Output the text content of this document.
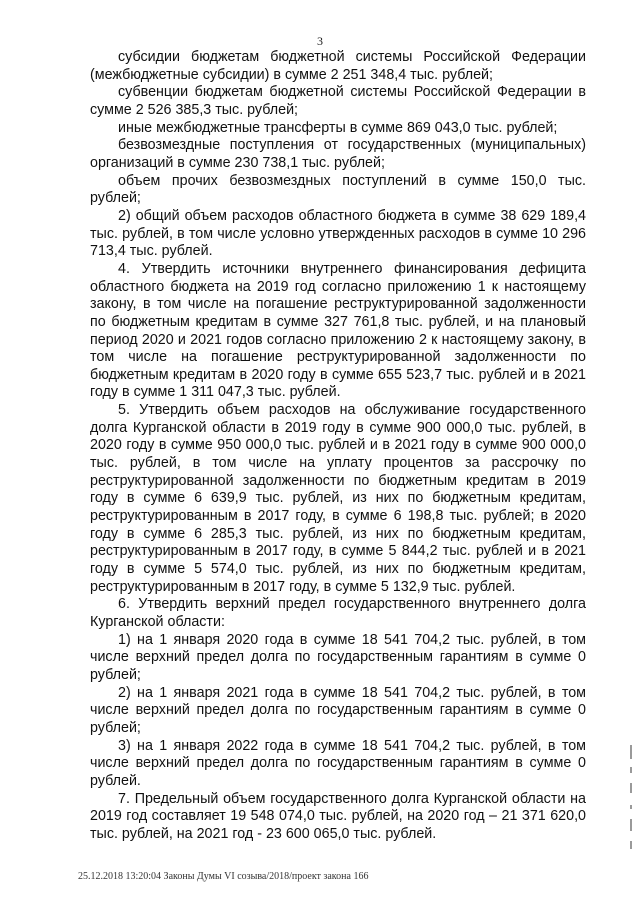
3

субсидии бюджетам бюджетной системы Российской Федерации (межбюджетные субсидии) в сумме 2 251 348,4 тыс. рублей;

субвенции бюджетам бюджетной системы Российской Федерации в сумме 2 526 385,3 тыс. рублей;

иные межбюджетные трансферты в сумме 869 043,0 тыс. рублей;

безвозмездные поступления от государственных (муниципальных) организаций в сумме 230 738,1 тыс. рублей;

объем прочих безвозмездных поступлений в сумме 150,0 тыс. рублей;

2) общий объем расходов областного бюджета в сумме 38 629 189,4 тыс. рублей, в том числе условно утвержденных расходов в сумме 10 296 713,4 тыс. рублей.

4. Утвердить источники внутреннего финансирования дефицита областного бюджета на 2019 год согласно приложению 1 к настоящему закону, в том числе на погашение реструктурированной задолженности по бюджетным кредитам в сумме 327 761,8 тыс. рублей, и на плановый период 2020 и 2021 годов согласно приложению 2 к настоящему закону, в том числе на погашение реструктурированной задолженности по бюджетным кредитам в 2020 году в сумме 655 523,7 тыс. рублей и в 2021 году в сумме 1 311 047,3 тыс. рублей.

5. Утвердить объем расходов на обслуживание государственного долга Курганской области в 2019 году в сумме 900 000,0 тыс. рублей, в 2020 году в сумме 950 000,0 тыс. рублей и в 2021 году в сумме 900 000,0 тыс. рублей, в том числе на уплату процентов за рассрочку по реструктурированной задолженности по бюджетным кредитам в 2019 году в сумме 6 639,9 тыс. рублей, из них по бюджетным кредитам, реструктурированным в 2017 году, в сумме 6 198,8 тыс. рублей; в 2020 году в сумме 6 285,3 тыс. рублей, из них по бюджетным кредитам, реструктурированным в 2017 году, в сумме 5 844,2 тыс. рублей и в 2021 году в сумме 5 574,0 тыс. рублей, из них по бюджетным кредитам, реструктурированным в 2017 году, в сумме 5 132,9 тыс. рублей.

6. Утвердить верхний предел государственного внутреннего долга Курганской области:

1) на 1 января 2020 года в сумме 18 541 704,2 тыс. рублей, в том числе верхний предел долга по государственным гарантиям в сумме 0 рублей;

2) на 1 января 2021 года в сумме 18 541 704,2 тыс. рублей, в том числе верхний предел долга по государственным гарантиям в сумме 0 рублей;

3) на 1 января 2022 года в сумме 18 541 704,2 тыс. рублей, в том числе верхний предел долга по государственным гарантиям в сумме 0 рублей.

7. Предельный объем государственного долга Курганской области на 2019 год составляет 19 548 074,0 тыс. рублей, на 2020 год – 21 371 620,0 тыс. рублей, на 2021 год - 23 600 065,0 тыс. рублей.

25.12.2018 13:20:04 Законы Думы VI созыва/2018/проект закона 166
